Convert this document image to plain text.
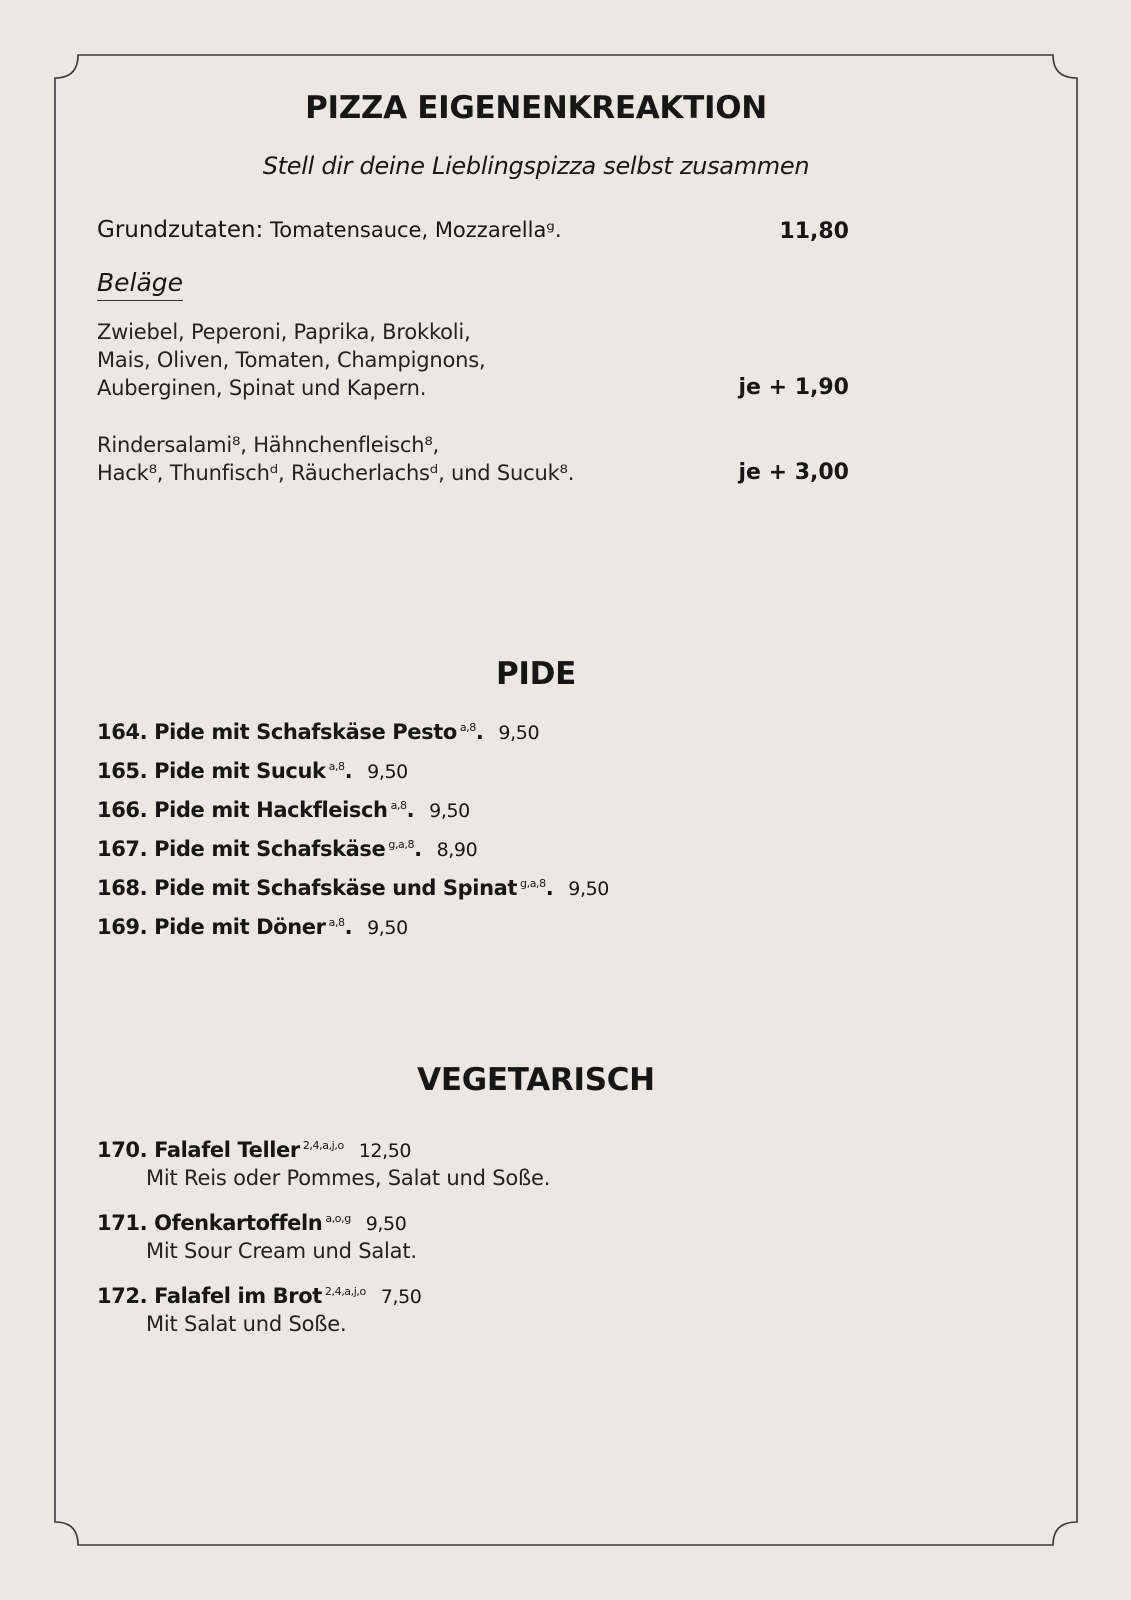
PIZZA EIGENENKREAKTION
Stell dir deine Lieblingspizza selbst zusammen
Grundzutaten: Tomatensauce, Mozzarellaᵍ.	11,80
Beläge
Zwiebel, Peperoni, Paprika, Brokkoli,
Mais, Oliven, Tomaten, Champignons,
Auberginen, Spinat und Kapern.	je + 1,90
Rindersalami⁸, Hähnchenfleisch⁸,
Hack⁸, Thunfischᵈ, Räucherlachsᵈ, und Sucuk⁸.	je + 3,00
PIDE
164. Pide mit Schafskäse Pesto $^{a,8}$. 9,50
165. Pide mit Sucuk $^{a,8}$. 9,50
166. Pide mit Hackfleisch $^{a,8}$. 9,50
167. Pide mit Schafskäse $^{g,a,8}$. 8,90
168. Pide mit Schafskäse und Spinat $^{g,a,8}$. 9,50
169. Pide mit Döner $^{a,8}$. 9,50
VEGETARISCH
170. Falafel Teller $^{2,4,a,j,o}$ 12,50
Mit Reis oder Pommes, Salat und Soße.
171. Ofenkartoffeln $^{a,o,g}$ 9,50
Mit Sour Cream und Salat.
172. Falafel im Brot $^{2,4,a,j,o}$ 7,50
Mit Salat und Soße.
